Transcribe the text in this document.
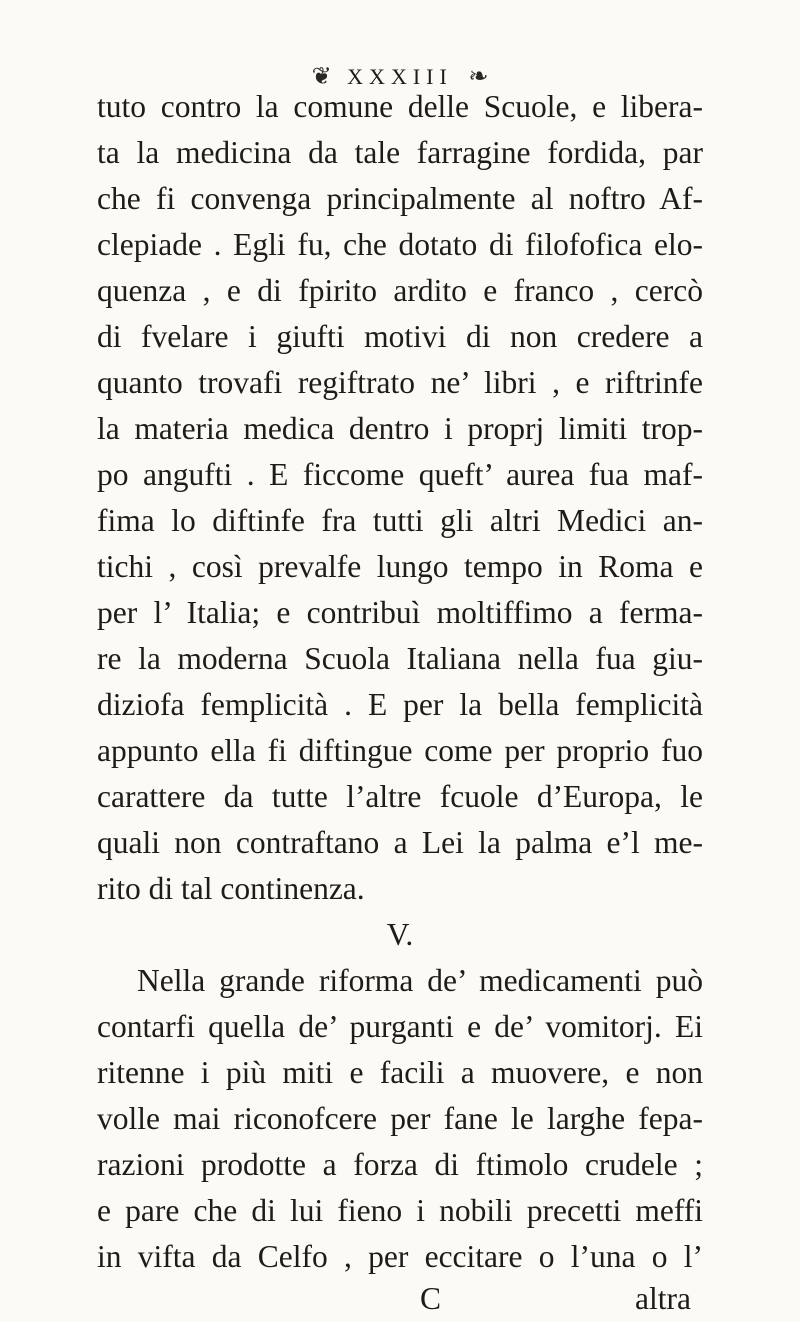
❦ XXXIII ❧
tuto contro la comune delle Scuole, e libera-
ta la medicina da tale farragine fordida, par
che fi convenga principalmente al noftro Af-
clepiade . Egli fu, che dotato di filofofica elo-
quenza , e di fpirito ardito e franco , cercò
di fvelare i giufti motivi di non credere a
quanto trovafi regiftrato ne’ libri , e riftrinfe
la materia medica dentro i proprj limiti trop-
po angufti . E ficcome queft’ aurea fua maf-
fima lo diftinfe fra tutti gli altri Medici an-
tichi , così prevalfe lungo tempo in Roma e
per l’ Italia; e contribuì moltiffimo a ferma-
re la moderna Scuola Italiana nella fua giu-
diziofa femplicità . E per la bella femplicità
appunto ella fi diftingue come per proprio fuo
carattere da tutte l’altre fcuole d’Europa, le
quali non contraftano a Lei la palma e’l me-
rito di tal continenza.
V.
Nella grande riforma de’ medicamenti può
contarfi quella de’ purganti e de’ vomitorj. Ei
ritenne i più miti e facili a muovere, e non
volle mai riconofcere per fane le larghe fepa-
razioni prodotte a forza di ftimolo crudele ;
e pare che di lui fieno i nobili precetti meffi
in vifta da Celfo , per eccitare o l’una o l’
C	altra
